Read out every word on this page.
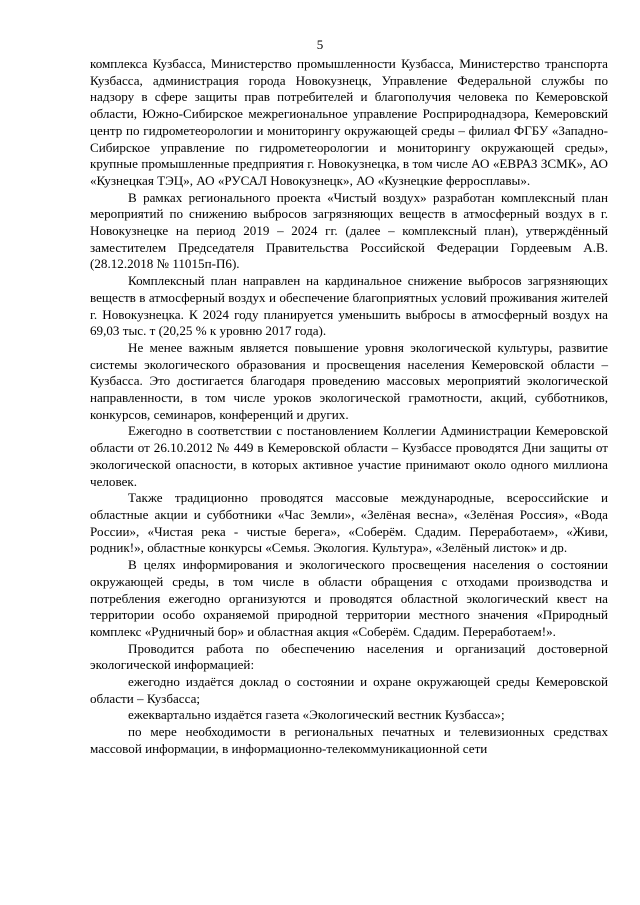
5

комплекса Кузбасса, Министерство промышленности Кузбасса, Министерство транспорта Кузбасса, администрация города Новокузнецк, Управление Федеральной службы по надзору в сфере защиты прав потребителей и благополучия человека по Кемеровской области, Южно-Сибирское межрегиональное управление Росприроднадзора, Кемеровский центр по гидрометеорологии и мониторингу окружающей среды – филиал ФГБУ «Западно-Сибирское управление по гидрометеорологии и мониторингу окружающей среды», крупные промышленные предприятия г. Новокузнецка, в том числе АО «ЕВРАЗ ЗСМК», АО «Кузнецкая ТЭЦ», АО «РУСАЛ Новокузнецк», АО «Кузнецкие ферросплавы».

В рамках регионального проекта «Чистый воздух» разработан комплексный план мероприятий по снижению выбросов загрязняющих веществ в атмосферный воздух в г. Новокузнецке на период 2019 – 2024 гг. (далее – комплексный план), утверждённый заместителем Председателя Правительства Российской Федерации Гордеевым А.В. (28.12.2018 № 11015п-П6).

Комплексный план направлен на кардинальное снижение выбросов загрязняющих веществ в атмосферный воздух и обеспечение благоприятных условий проживания жителей г. Новокузнецка. К 2024 году планируется уменьшить выбросы в атмосферный воздух на 69,03 тыс. т (20,25 % к уровню 2017 года).

Не менее важным является повышение уровня экологической культуры, развитие системы экологического образования и просвещения населения Кемеровской области – Кузбасса. Это достигается благодаря проведению массовых мероприятий экологической направленности, в том числе уроков экологической грамотности, акций, субботников, конкурсов, семинаров, конференций и других.

Ежегодно в соответствии с постановлением Коллегии Администрации Кемеровской области от 26.10.2012 № 449 в Кемеровской области – Кузбассе проводятся Дни защиты от экологической опасности, в которых активное участие принимают около одного миллиона человек.

Также традиционно проводятся массовые международные, всероссийские и областные акции и субботники «Час Земли», «Зелёная весна», «Зелёная Россия», «Вода России», «Чистая река - чистые берега», «Соберём. Сдадим. Переработаем», «Живи, родник!», областные конкурсы «Семья. Экология. Культура», «Зелёный листок» и др.

В целях информирования и экологического просвещения населения о состоянии окружающей среды, в том числе в области обращения с отходами производства и потребления ежегодно организуются и проводятся областной экологический квест на территории особо охраняемой природной территории местного значения «Природный комплекс «Рудничный бор» и областная акция «Соберём. Сдадим. Переработаем!».

Проводится работа по обеспечению населения и организаций достоверной экологической информацией:

ежегодно издаётся доклад о состоянии и охране окружающей среды Кемеровской области – Кузбасса;

ежеквартально издаётся газета «Экологический вестник Кузбасса»;

по мере необходимости в региональных печатных и телевизионных средствах массовой информации, в информационно-телекоммуникационной сети
